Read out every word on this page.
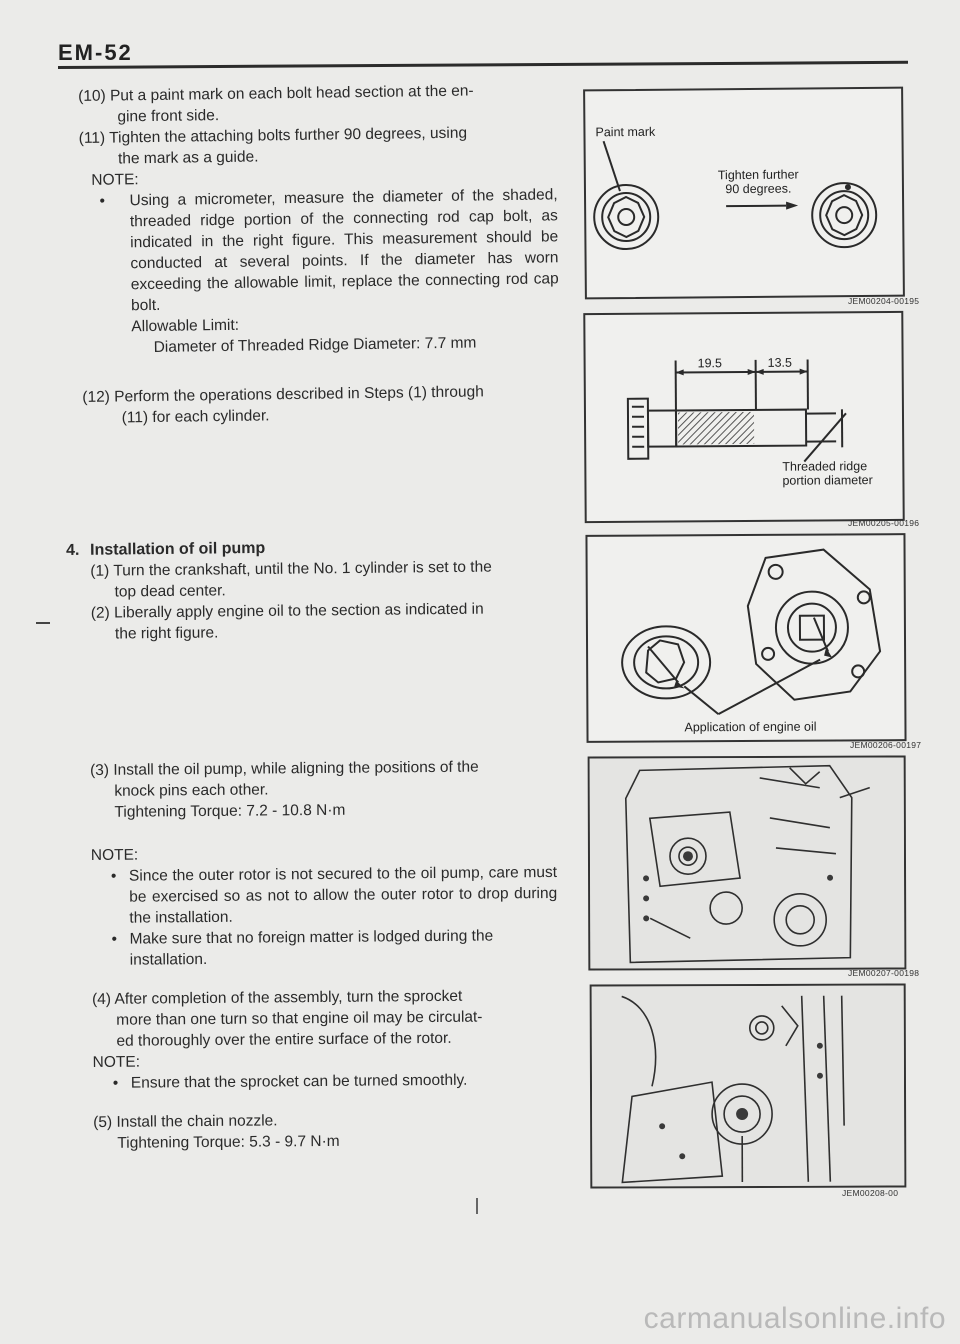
EM-52

(10) Put a paint mark on each bolt head section at the en-

gine front side.

(11) Tighten the attaching bolts further 90 degrees, using

the mark as a guide.

NOTE:

• Using a micrometer, measure the diameter of the shaded, threaded ridge portion of the connecting rod cap bolt, as indicated in the right figure. This measurement should be conducted at several points. If the diameter has worn exceeding the allowable limit, replace the connecting rod cap bolt.

Allowable Limit:

Diameter of Threaded Ridge Diameter: 7.7 mm

(12) Perform the operations described in Steps (1) through

(11) for each cylinder.

4. Installation of oil pump

(1) Turn the crankshaft, until the No. 1 cylinder is set to the

top dead center.

(2) Liberally apply engine oil to the section as indicated in

the right figure.

(3) Install the oil pump, while aligning the positions of the

knock pins each other.

Tightening Torque: 7.2 - 10.8 N·m

NOTE:

• Since the outer rotor is not secured to the oil pump, care must be exercised so as not to allow the outer rotor to drop during the installation.

• Make sure that no foreign matter is lodged during the installation.

(4) After completion of the assembly, turn the sprocket

more than one turn so that engine oil may be circulat-

ed thoroughly over the entire surface of the rotor.

NOTE:

• Ensure that the sprocket can be turned smoothly.

(5) Install the chain nozzle.

Tightening Torque: 5.3 - 9.7 N·m

Paint mark
Tighten further
90 degrees.
JEM00204-00195
19.5	13.5
Threaded ridge
portion diameter
JEM00205-00196
Application of engine oil
JEM00206-00197
JEM00207-00198
JEM00208-00
carmanualsonline.info
